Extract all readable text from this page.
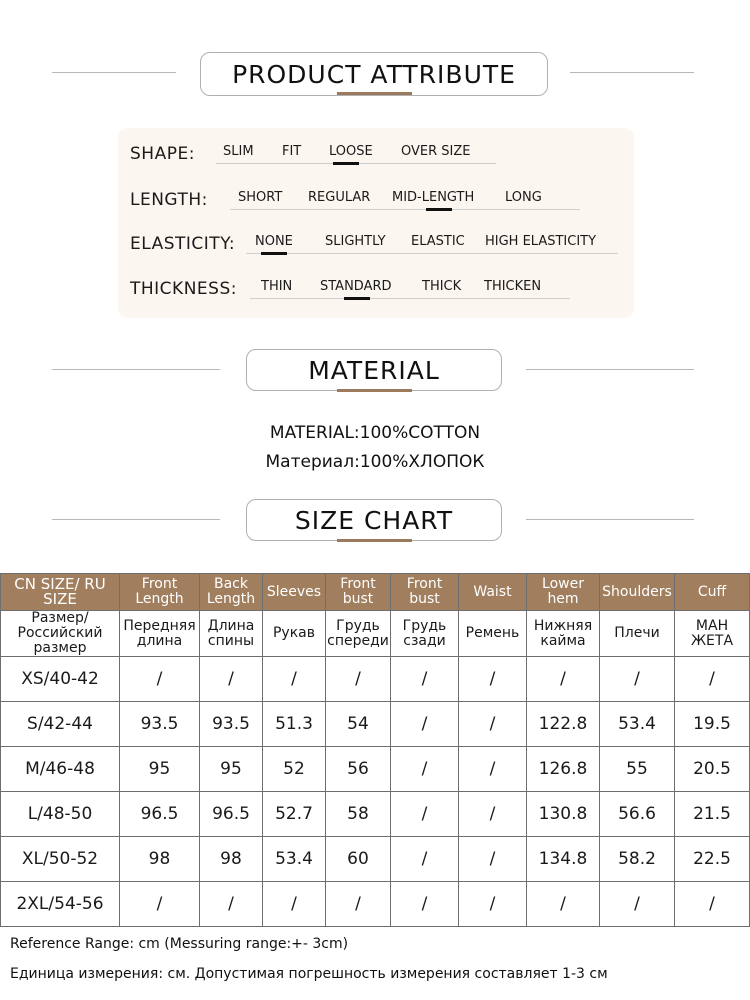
PRODUCT ATTRIBUTE
SHAPE: SLIM FIT LOOSE OVER SIZE
LENGTH: SHORT REGULAR MID-LENGTH LONG
ELASTICITY: NONE SLIGHTLY ELASTIC HIGH ELASTICITY
THICKNESS: THIN STANDARD THICK THICKEN
MATERIAL
MATERIAL:100%COTTON
Материал:100%ХЛОПОК
SIZE CHART
CN SIZE/ RU SIZE	Front Length	Back Length	Sleeves	Front bust	Front bust	Waist	Lower hem	Shoulders	Cuff
Размер/ Российский размер	Передняя длина	Длина спины	Рукав	Грудь спереди	Грудь сзади	Ремень	Нижняя кайма	Плечи	МАН ЖЕТА
XS/40-42	/	/	/	/	/	/	/	/	/
S/42-44	93.5	93.5	51.3	54	/	/	122.8	53.4	19.5
M/46-48	95	95	52	56	/	/	126.8	55	20.5
L/48-50	96.5	96.5	52.7	58	/	/	130.8	56.6	21.5
XL/50-52	98	98	53.4	60	/	/	134.8	58.2	22.5
2XL/54-56	/	/	/	/	/	/	/	/	/
Reference Range: cm (Messuring range:+- 3cm)
Единица измерения: см. Допустимая погрешность измерения составляет 1-3 см
